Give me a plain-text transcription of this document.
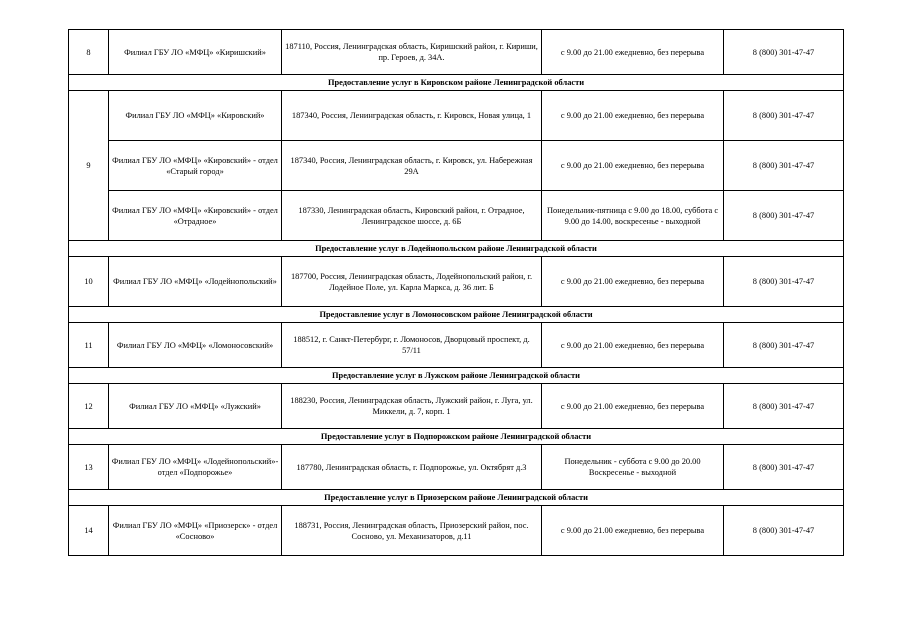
8	Филиал ГБУ ЛО «МФЦ» «Киришский»	187110, Россия, Ленинградская область, Киришский район, г. Кириши, пр. Героев, д. 34А.	с 9.00 до 21.00 ежедневно, без перерыва	8 (800) 301-47-47
Предоставление услуг в Кировском районе Ленинградской области				
9	Филиал ГБУ ЛО «МФЦ» «Кировский»	187340, Россия, Ленинградская область, г. Кировск, Новая улица, 1	с 9.00 до 21.00 ежедневно, без перерыва	8 (800) 301-47-47
	Филиал ГБУ ЛО «МФЦ» «Кировский» - отдел «Старый город»	187340, Россия, Ленинградская область, г. Кировск, ул. Набережная 29А	с 9.00 до 21.00 ежедневно, без перерыва	8 (800) 301-47-47
	Филиал ГБУ ЛО «МФЦ» «Кировский» - отдел «Отрадное»	187330, Ленинградская область, Кировский район, г. Отрадное, Ленинградское шоссе, д. 6Б	Понедельник-пятница с 9.00 до 18.00, суббота с 9.00 до 14.00, воскресенье - выходной	8 (800) 301-47-47
Предоставление услуг в Лодейнопольском районе Ленинградской области				
10	Филиал ГБУ ЛО «МФЦ» «Лодейнопольский»	187700, Россия, Ленинградская область, Лодейнопольский район, г. Лодейное Поле, ул. Карла Маркса, д. 36 лит. Б	с 9.00 до 21.00 ежедневно, без перерыва	8 (800) 301-47-47
Предоставление услуг в Ломоносовском районе Ленинградской области				
11	Филиал ГБУ ЛО «МФЦ» «Ломоносовский»	188512, г. Санкт-Петербург, г. Ломоносов, Дворцовый проспект, д. 57/11	с 9.00 до 21.00 ежедневно, без перерыва	8 (800) 301-47-47
Предоставление услуг в Лужском районе Ленинградской области				
12	Филиал ГБУ ЛО «МФЦ» «Лужский»	188230, Россия, Ленинградская область, Лужский район, г. Луга, ул. Миккели, д. 7, корп. 1	с 9.00 до 21.00 ежедневно, без перерыва	8 (800) 301-47-47
Предоставление услуг в Подпорожском районе Ленинградской области				
13	Филиал ГБУ ЛО «МФЦ» «Лодейнопольский»-отдел «Подпорожье»	187780, Ленинградская область, г. Подпорожье, ул. Октябрят д.3	Понедельник - суббота с 9.00 до 20.00 Воскресенье - выходной	8 (800) 301-47-47
Предоставление услуг в Приозерском районе Ленинградской области				
14	Филиал ГБУ ЛО «МФЦ» «Приозерск» - отдел «Сосново»	188731, Россия, Ленинградская область, Приозерский район, пос. Сосново, ул. Механизаторов, д.11	с 9.00 до 21.00 ежедневно, без перерыва	8 (800) 301-47-47
